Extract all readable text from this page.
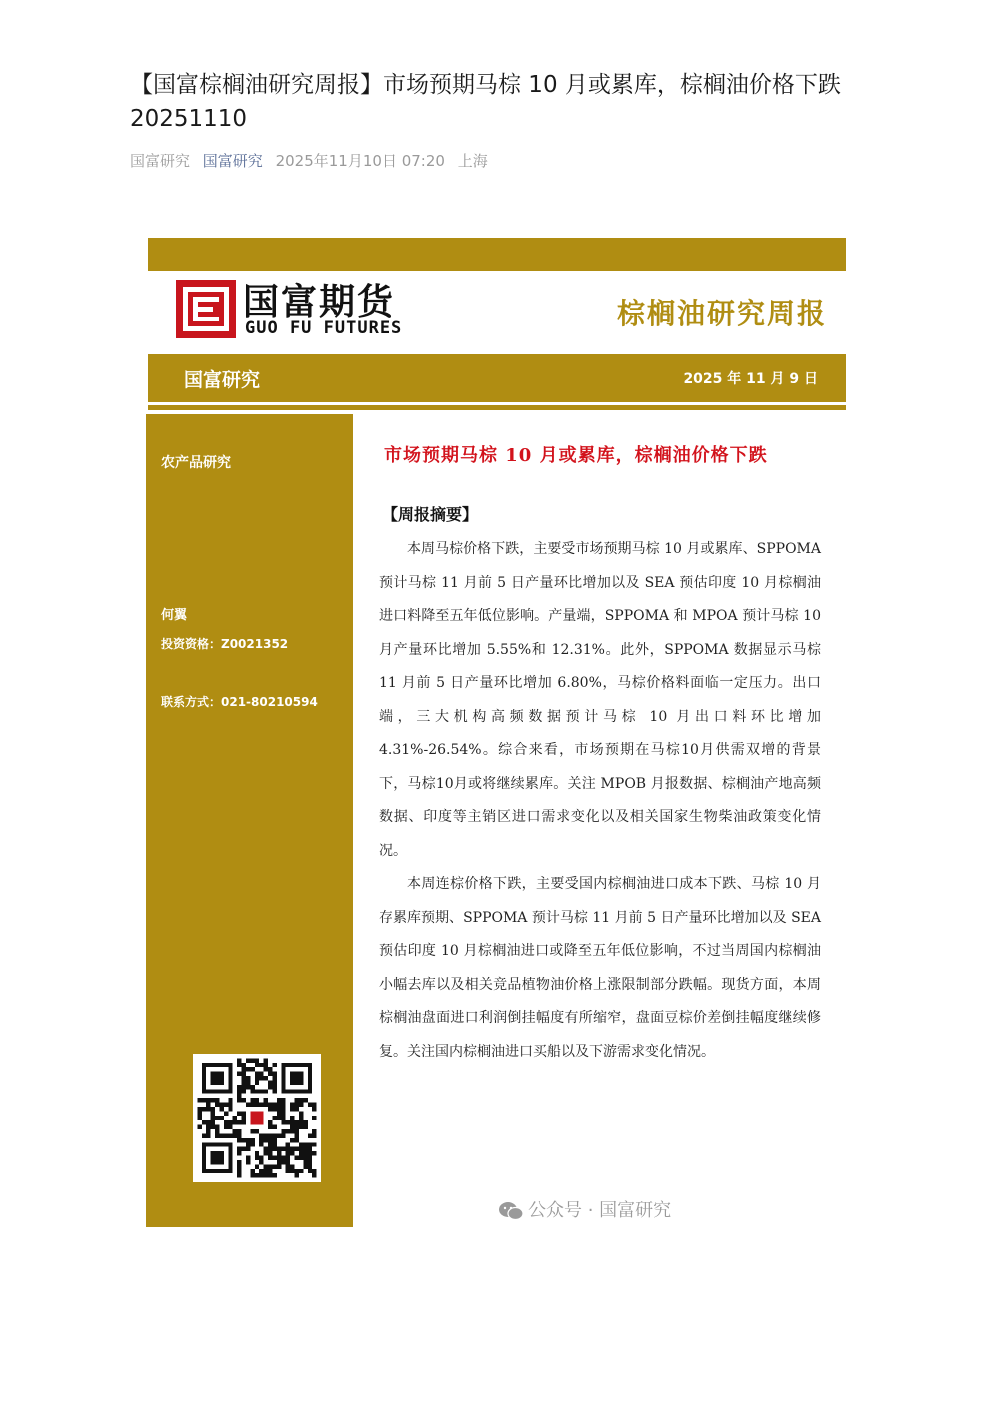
【国富棕榈油研究周报】市场预期马棕 10 月或累库，棕榈油价格下跌 20251110
国富研究 国富研究 2025年11月10日 07:20 上海
国富期货
GUO FU FUTURES	棕榈油研究周报
国富研究	2025 年 11 月 9 日
农产品研究
何翼
投资资格：Z0021352
联系方式：021-80210594
市场预期马棕 10 月或累库，棕榈油价格下跌
【周报摘要】

本周马棕价格下跌，主要受市场预期马棕 10 月或累库、SPPOMA 预计马棕 11 月前 5 日产量环比增加以及 SEA 预估印度 10 月棕榈油进口料降至五年低位影响。产量端，SPPOMA 和 MPOA 预计马棕 10 月产量环比增加 5.55%和 12.31%。此外，SPPOMA 数据显示马棕 11 月前 5 日产量环比增加 6.80%，马棕价格料面临一定压力。出口端，三大机构高频数据预计马棕 10 月出口料环比增加 4.31%-26.54%。综合来看，市场预期在马棕10月供需双增的背景下，马棕10月或将继续累库。关注 MPOB 月报数据、棕榈油产地高频数据、印度等主销区进口需求变化以及相关国家生物柴油政策变化情况。

本周连棕价格下跌，主要受国内棕榈油进口成本下跌、马棕 10 月存累库预期、SPPOMA 预计马棕 11 月前 5 日产量环比增加以及 SEA 预估印度 10 月棕榈油进口或降至五年低位影响，不过当周国内棕榈油小幅去库以及相关竞品植物油价格上涨限制部分跌幅。现货方面，本周棕榈油盘面进口利润倒挂幅度有所缩窄，盘面豆棕价差倒挂幅度继续修复。关注国内棕榈油进口买船以及下游需求变化情况。

公众号 · 国富研究
